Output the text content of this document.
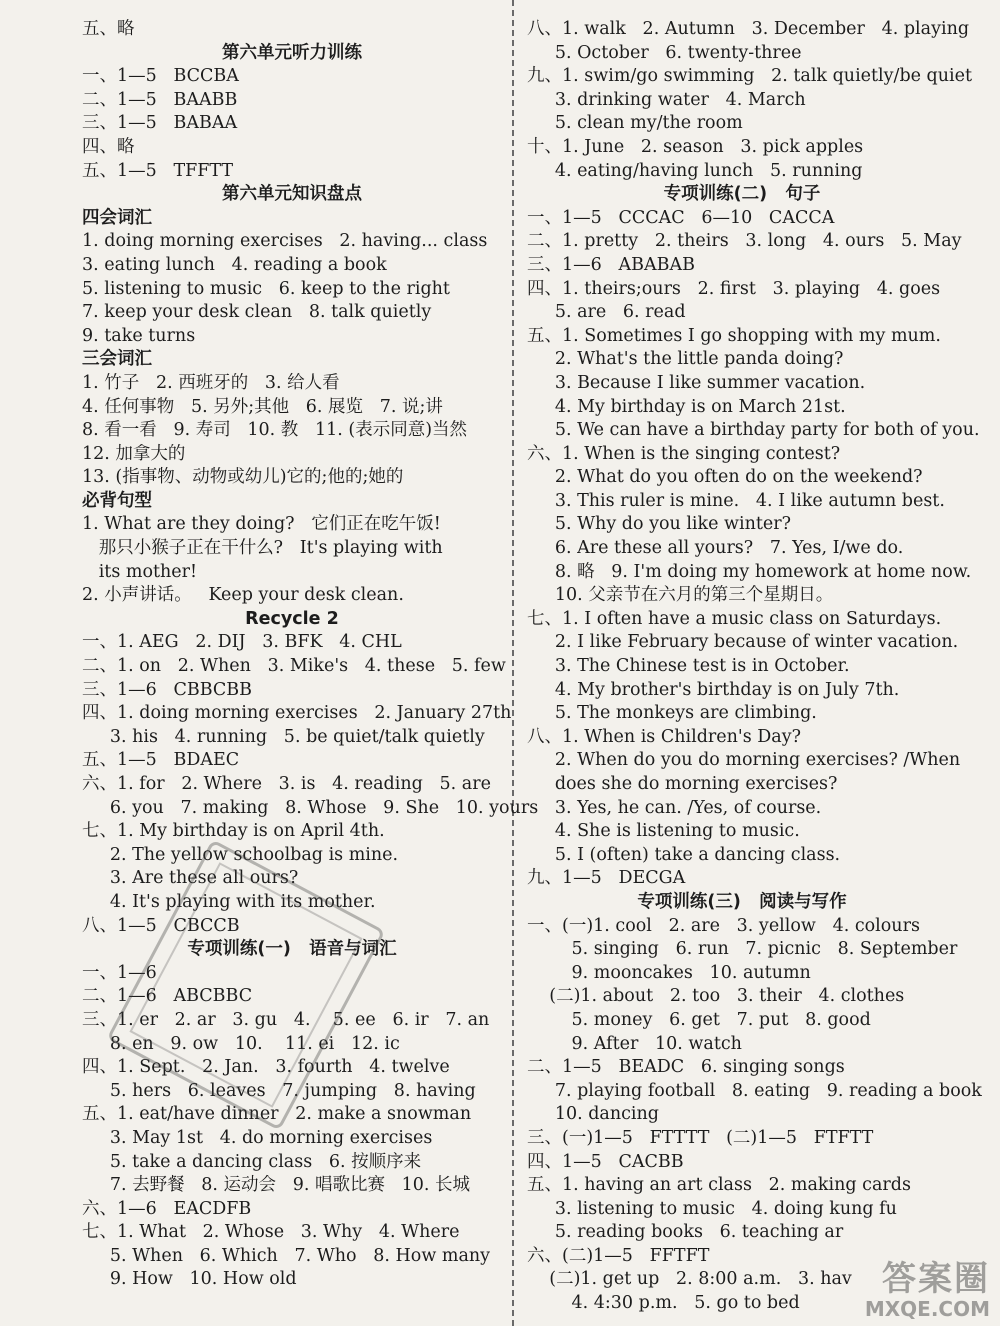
五、略
第六单元听力训练
一、1—5   BCCBA
二、1—5   BAABB
三、1—5   BABAA
四、略
五、1—5   TFFTT
第六单元知识盘点
四会词汇
1. doing morning exercises   2. having... class
3. eating lunch   4. reading a book
5. listening to music   6. keep to the right
7. keep your desk clean   8. talk quietly
9. take turns
三会词汇
1. 竹子   2. 西班牙的   3. 给人看
4. 任何事物   5. 另外;其他   6. 展览   7. 说;讲
8. 看一看   9. 寿司   10. 教   11. (表示同意)当然
12. 加拿大的
13. (指事物、动物或幼儿)它的;他的;她的
必背句型
1. What are they doing?   它们正在吃午饭!
那只小猴子正在干什么?   It's playing with
its mother!
2. 小声讲话。   Keep your desk clean.
Recycle 2
一、1. AEG   2. DIJ   3. BFK   4. CHL
二、1. on   2. When   3. Mike's   4. these   5. few
三、1—6   CBBCBB
四、1. doing morning exercises   2. January 27th
3. his   4. running   5. be quiet/talk quietly
五、1—5   BDAEC
六、1. for   2. Where   3. is   4. reading   5. are
6. you   7. making   8. Whose   9. She   10. yours
七、1. My birthday is on April 4th.
2. The yellow schoolbag is mine.
3. Are these all ours?
4. It's playing with its mother.
八、1—5   CBCCB
专项训练(一)   语音与词汇
一、1—6
二、1—6   ABCBBC
三、1. er   2. ar   3. gu   4.    5. ee   6. ir   7. an
8. en   9. ow   10.    11. ei   12. ic
四、1. Sept.   2. Jan.   3. fourth   4. twelve
5. hers   6. leaves   7. jumping   8. having
五、1. eat/have dinner   2. make a snowman
3. May 1st   4. do morning exercises
5. take a dancing class   6. 按顺序来
7. 去野餐   8. 运动会   9. 唱歌比赛   10. 长城
六、1—6   EACDFB
七、1. What   2. Whose   3. Why   4. Where
5. When   6. Which   7. Who   8. How many
9. How   10. How old
八、1. walk   2. Autumn   3. December   4. playing
5. October   6. twenty-three
九、1. swim/go swimming   2. talk quietly/be quiet
3. drinking water   4. March
5. clean my/the room
十、1. June   2. season   3. pick apples
4. eating/having lunch   5. running
专项训练(二)   句子
一、1—5   CCCAC   6—10   CACCA
二、1. pretty   2. theirs   3. long   4. ours   5. May
三、1—6   ABABAB
四、1. theirs;ours   2. first   3. playing   4. goes
5. are   6. read
五、1. Sometimes I go shopping with my mum.
2. What's the little panda doing?
3. Because I like summer vacation.
4. My birthday is on March 21st.
5. We can have a birthday party for both of you.
六、1. When is the singing contest?
2. What do you often do on the weekend?
3. This ruler is mine.   4. I like autumn best.
5. Why do you like winter?
6. Are these all yours?   7. Yes, I/we do.
8. 略   9. I'm doing my homework at home now.
10. 父亲节在六月的第三个星期日。
七、1. I often have a music class on Saturdays.
2. I like February because of winter vacation.
3. The Chinese test is in October.
4. My brother's birthday is on July 7th.
5. The monkeys are climbing.
八、1. When is Children's Day?
2. When do you do morning exercises? /When
does she do morning exercises?
3. Yes, he can. /Yes, of course.
4. She is listening to music.
5. I (often) take a dancing class.
九、1—5   DECGA
专项训练(三)   阅读与写作
一、(一)1. cool   2. are   3. yellow   4. colours
5. singing   6. run   7. picnic   8. September
9. mooncakes   10. autumn
(二)1. about   2. too   3. their   4. clothes
5. money   6. get   7. put   8. good
9. After   10. watch
二、1—5   BEADC   6. singing songs
7. playing football   8. eating   9. reading a book
10. dancing
三、(一)1—5   FTTTT   (二)1—5   FTFTT
四、1—5   CACBB
五、1. having an art class   2. making cards
3. listening to music   4. doing kung fu
5. reading books   6. teaching ar
六、(二)1—5   FFTFT
(二)1. get up   2. 8:00 a.m.   3. hav
4. 4:30 p.m.   5. go to bed
答案圈
MXQE.COM
